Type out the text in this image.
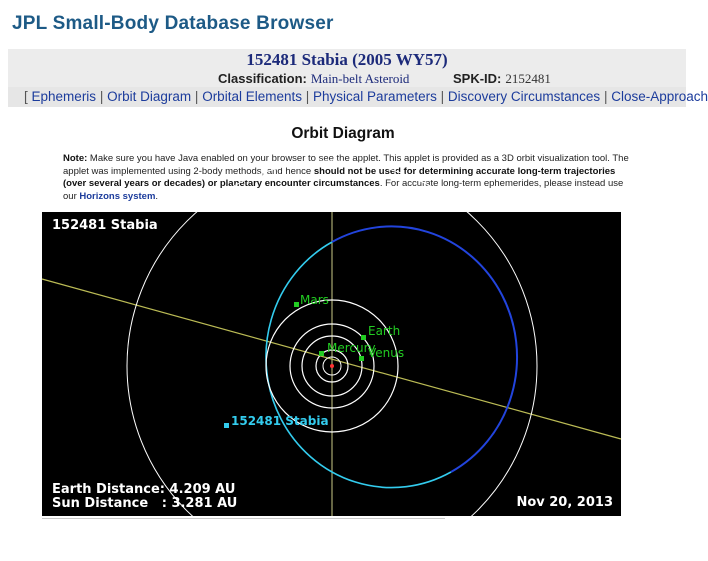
JPL Small-Body Database Browser
152481 Stabia (2005 WY57)
Classification: Main-belt Asteroid	SPK-ID: 2152481
[ Ephemeris | Orbit Diagram | Orbital Elements | Physical Parameters | Discovery Circumstances | Close-Approach
Orbit Diagram
Note: Make sure you have Java enabled on your browser to see the applet. This applet is provided as a 3D orbit visualization tool. The applet was implemented using 2-body methods, and hence should not be used for determining accurate long-term trajectories (over several years or decades) or planetary encounter circumstances. For accurate long-term ephemerides, please instead use our Horizons system.
Mars
Earth
Mercury
Venus
152481 Stabia
152481 Stabia
Earth Distance: 4.209 AU
Sun Distance   : 3.281 AU	Nov 20, 2013
